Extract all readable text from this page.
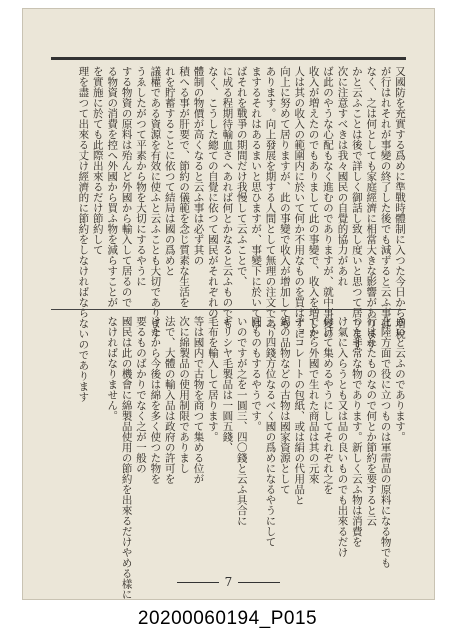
又國防を充實する爲めに準戰時體制に入つた今日から増稅
が行はれそれが事變の終了した後でも減ずると云ふ事は
なく、之は何としても家庭經濟に相當大きな影響があります
かと云ふことは後で詳しく御話し致し度いと思つて居ります
次に注意すべきは我々國民の自覺的協力があれ
ば此のやうな心配もなく進むのでありますが、就中事變の
收入が増えたのでもありまして此の事變で、收入を増した
人は其の收入の範圍内に於いて何か不用なものを買はずに
向上に努めて居りますが、此の事變で收入が增加しても
あります。向上發展を期する人間として無理の注文であり
まするそれはあるまいと思ひますが、事變下に於いては
ばそれを戰爭の期間だけ我慢して云ふことで、
に成る程期待輸血さへあれば何とかなると云ふものでも
なく、こうした總ての自覺に依つて國民がそれぞれの
體制の物價が高くなると云ふ事は必ず其の
積へる事が肝要で、節約の儀範を念じ質素な生活を
れを貯蓄することに依つて結局は國の爲めと
議權である資源を有效に使ふと云ふことも大切であります
うゑしたがつて平素から物を大切にするやうに
する物資の原料は殆んど外國から輸入して居るので
る物資の消費を控へ外國から買ふ物を減らすことが
を實施に於ても此際出來るだけ節約して
理を盡つて出來る丈け經濟的に節約をしなければならないのであります	さいと云ふのであります。
北陸方面で役に立つものは軍需品の原料になる物でも
行はれたものなので何とか節約を要すると云
つた非常な物であります。新しく云ふ物は消費を
け氣に入らうとも又は品の良いものでも出來るだけ
付けて集めるやうにしてそれぞれ之を
でから外國で生れた商品は其の元來
チョコレートの包紙、或は絹の代用品と
錫の品物などの古物は國家資源として
三、四錢方位なるべく國の爲めになるやうにして
圓ものもするやうです。
いのですが之を一圓三、四〇錢と云ふ具合に
ギリシヤ毛製品は一圓五錢、
毛布を輸入して居ります。
等は國内で古物を商つて集める位が
次に綿製品の使用制限でありまし
法で、大體の輸入品は政府の許可を
けたから今後は綿を多く使つた物を
要るものばかりでなく之が一般の
國民は此の機會に綿製品使用の節約を出來るだけやめる樣に
なければなりません。
7
20200060194_P015
